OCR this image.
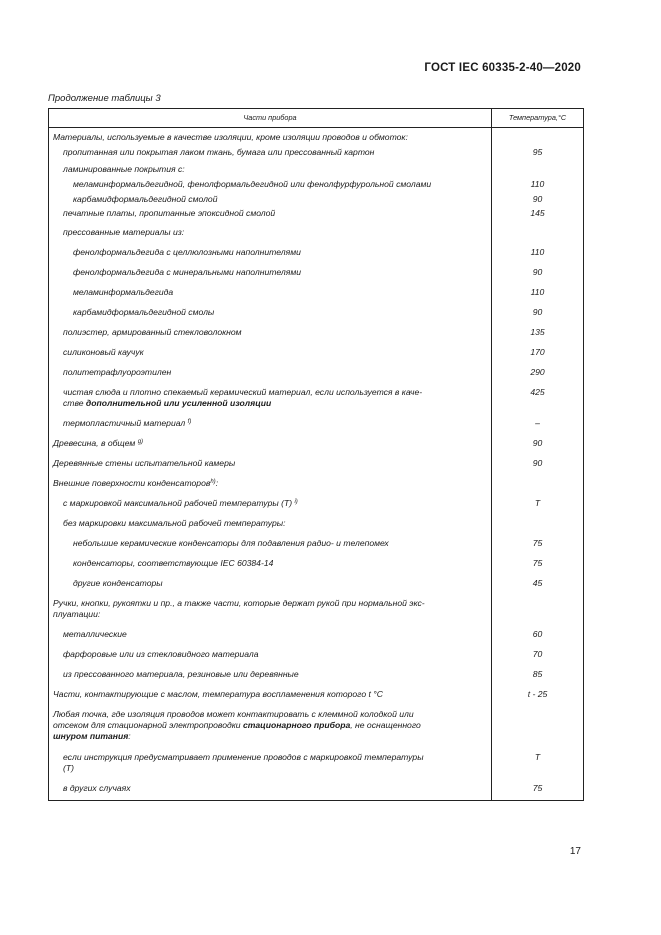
ГОСТ IEC 60335-2-40—2020
Продолжение таблицы 3
Части прибора	Температура,°С
Материалы, используемые в качестве изоляции, кроме изоляции проводов и обмоток:	
пропитанная или покрытая лаком ткань, бумага или прессованный картон	95
ламинированные покрытия с:	
меламинформальдегидной, фенолформальдегидной или фенолфурфурольной смолами	110
карбамидформальдегидной смолой	90
печатные платы, пропитанные эпоксидной смолой	145
прессованные материалы из:	
фенолформальдегида с целлюлозными наполнителями	110
фенолформальдегида с минеральными наполнителями	90
меламинформальдегида	110
карбамидформальдегидной смолы	90
полиэстер, армированный стекловолокном	135
силиконовый каучук	170
политетрафлуороэтилен	290
чистая слюда и плотно спекаемый керамический материал, если используется в каче-
стве дополнительной или усиленной изоляции	425
термопластичный материал $^{f)}$	–
Древесина, в общем $^{g)}$	90
Деревянные стены испытательной камеры	90
Внешние поверхности конденсаторов$^{h)}$:	
с маркировкой максимальной рабочей температуры (T) $^{i)}$	T
без маркировки максимальной рабочей температуры:	
небольшие керамические конденсаторы для подавления радио- и телепомех	75
конденсаторы, соответствующие IEC 60384-14	75
другие конденсаторы	45
Ручки, кнопки, рукоятки и пр., а также части, которые держат рукой при нормальной экс-
плуатации:	
металлические	60
фарфоровые или из стекловидного материала	70
из прессованного материала, резиновые или деревянные	85
Части, контактирующие с маслом, температура воспламенения которого t °C	t - 25
Любая точка, где изоляция проводов может контактировать с клеммной колодкой или
отсеком для стационарной электропроводки стационарного прибора, не оснащенного
шнуром питания:	
если инструкция предусматривает применение проводов с маркировкой температуры
(T)	T
в других случаях	75
17
